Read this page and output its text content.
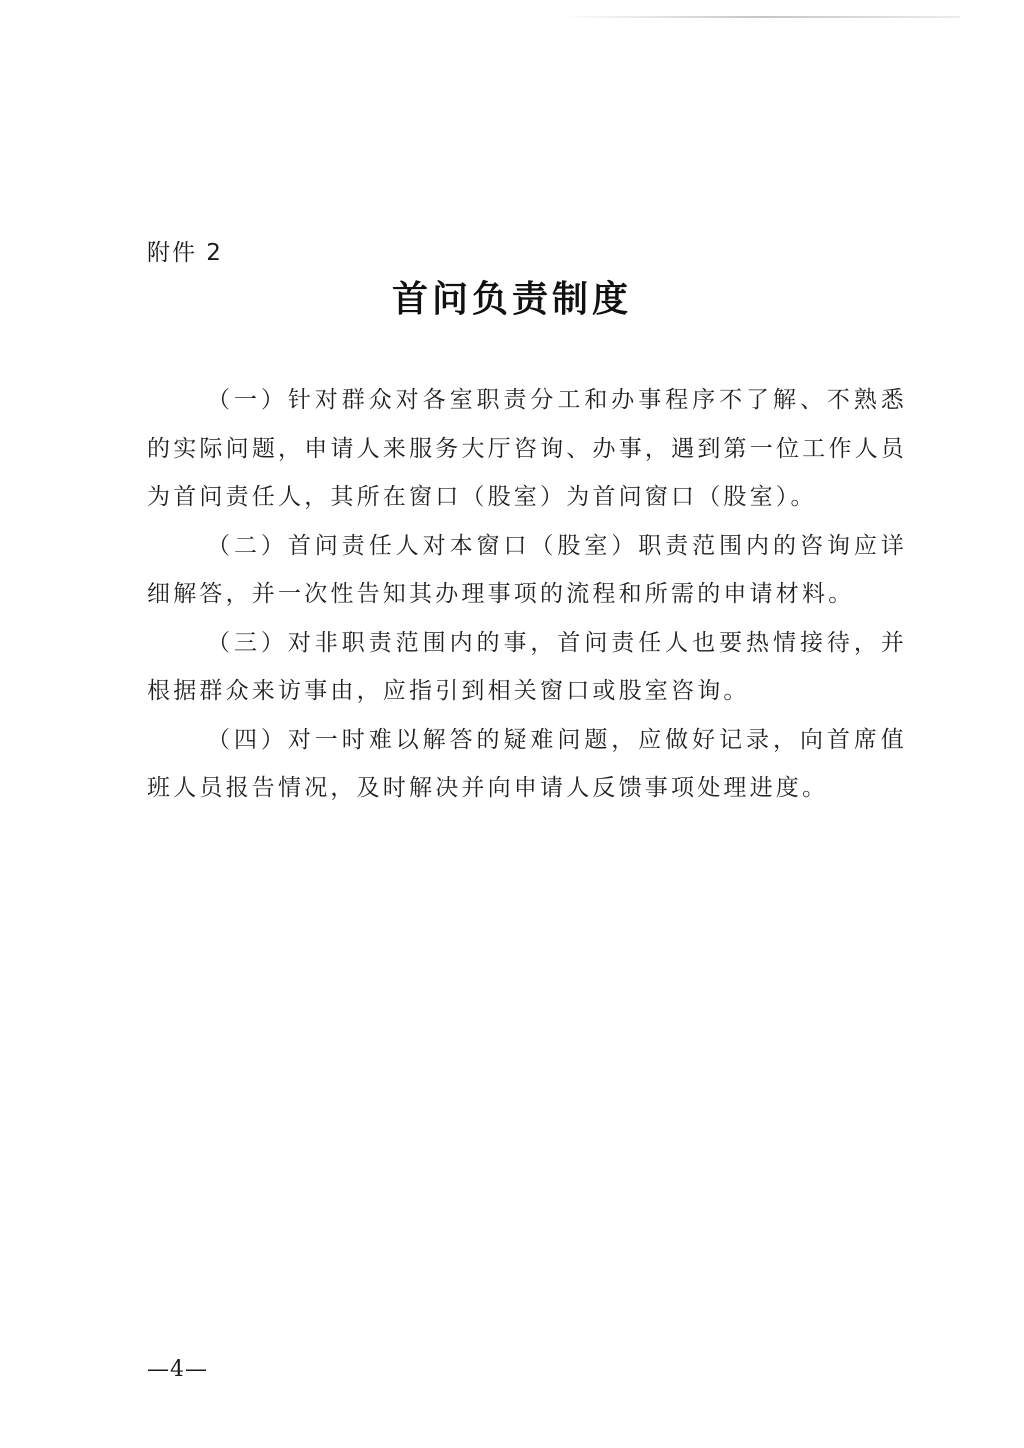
附件 2
首问负责制度

（一）针对群众对各室职责分工和办事程序不了解、不熟悉的实际问题，申请人来服务大厅咨询、办事，遇到第一位工作人员为首问责任人，其所在窗口（股室）为首问窗口（股室）。

（二）首问责任人对本窗口（股室）职责范围内的咨询应详细解答，并一次性告知其办理事项的流程和所需的申请材料。

（三）对非职责范围内的事，首问责任人也要热情接待，并根据群众来访事由，应指引到相关窗口或股室咨询。

（四）对一时难以解答的疑难问题，应做好记录，向首席值班人员报告情况，及时解决并向申请人反馈事项处理进度。

—4—
